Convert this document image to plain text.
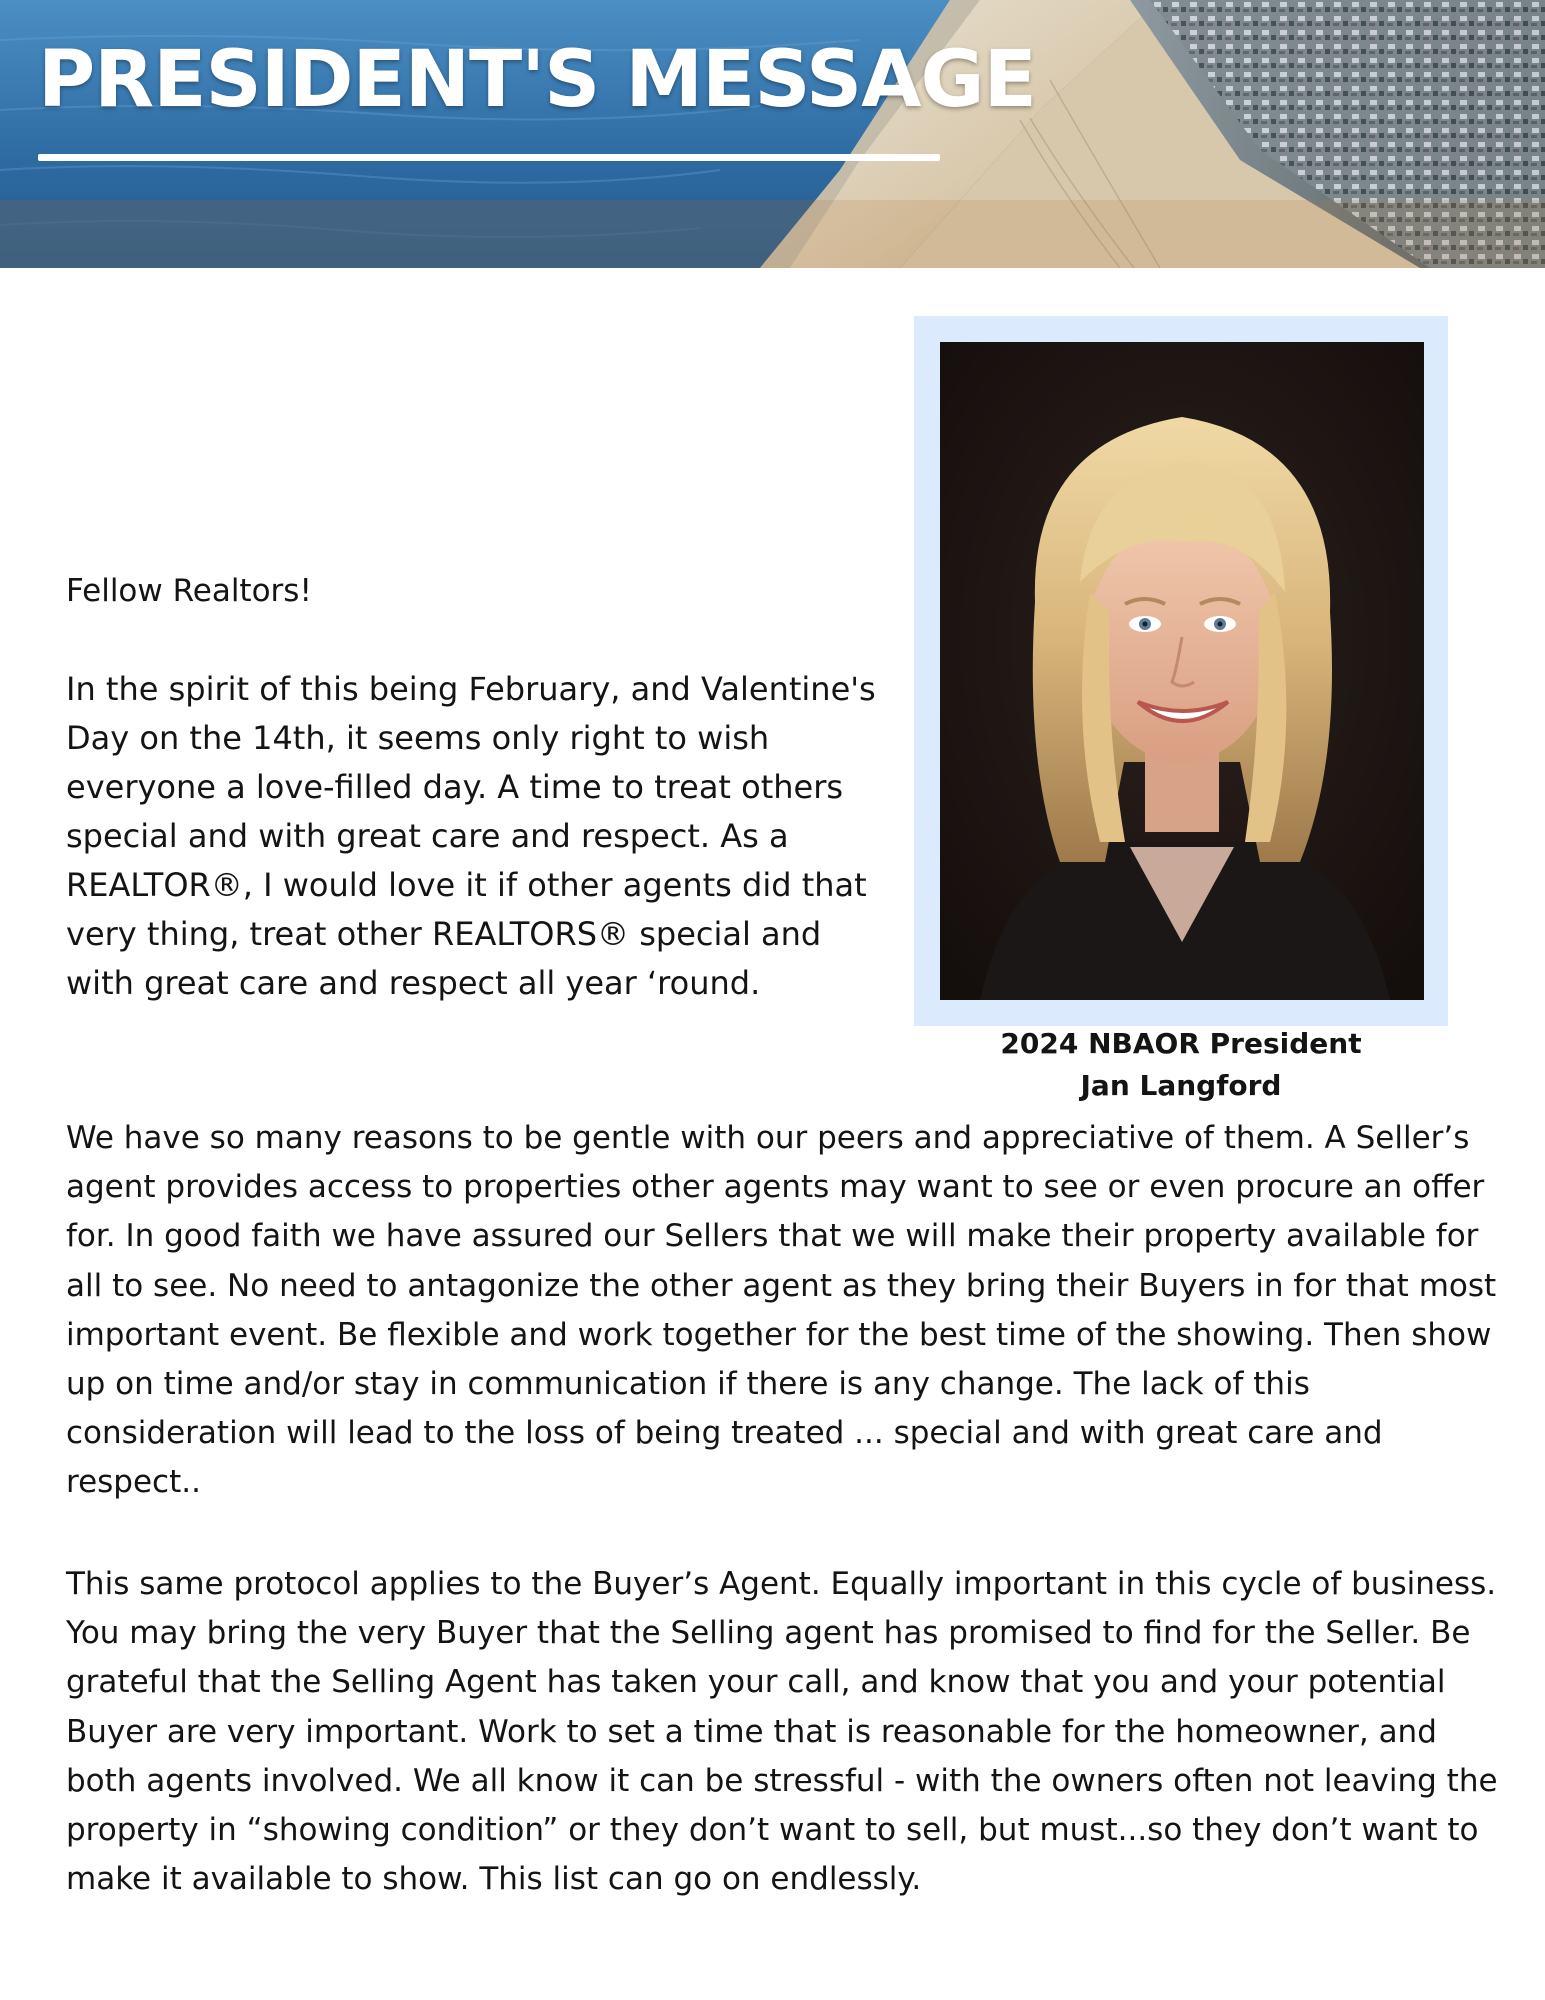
PRESIDENT'S MESSAGE
2024 NBAOR President
Jan Langford

Fellow Realtors!

In the spirit of this being February, and Valentine's Day on the 14th, it seems only right to wish everyone a love-filled day. A time to treat others special and with great care and respect. As a REALTOR®, I would love it if other agents did that very thing, treat other REALTORS® special and with great care and respect all year ‘round.

We have so many reasons to be gentle with our peers and appreciative of them. A Seller’s agent provides access to properties other agents may want to see or even procure an offer for. In good faith we have assured our Sellers that we will make their property available for all to see. No need to antagonize the other agent as they bring their Buyers in for that most important event. Be flexible and work together for the best time of the showing. Then show up on time and/or stay in communication if there is any change. The lack of this consideration will lead to the loss of being treated ... special and with great care and respect..

This same protocol applies to the Buyer’s Agent. Equally important in this cycle of business. You may bring the very Buyer that the Selling agent has promised to find for the Seller. Be grateful that the Selling Agent has taken your call, and know that you and your potential Buyer are very important. Work to set a time that is reasonable for the homeowner, and both agents involved. We all know it can be stressful - with the owners often not leaving the property in “showing condition” or they don’t want to sell, but must...so they don’t want to make it available to show. This list can go on endlessly.
